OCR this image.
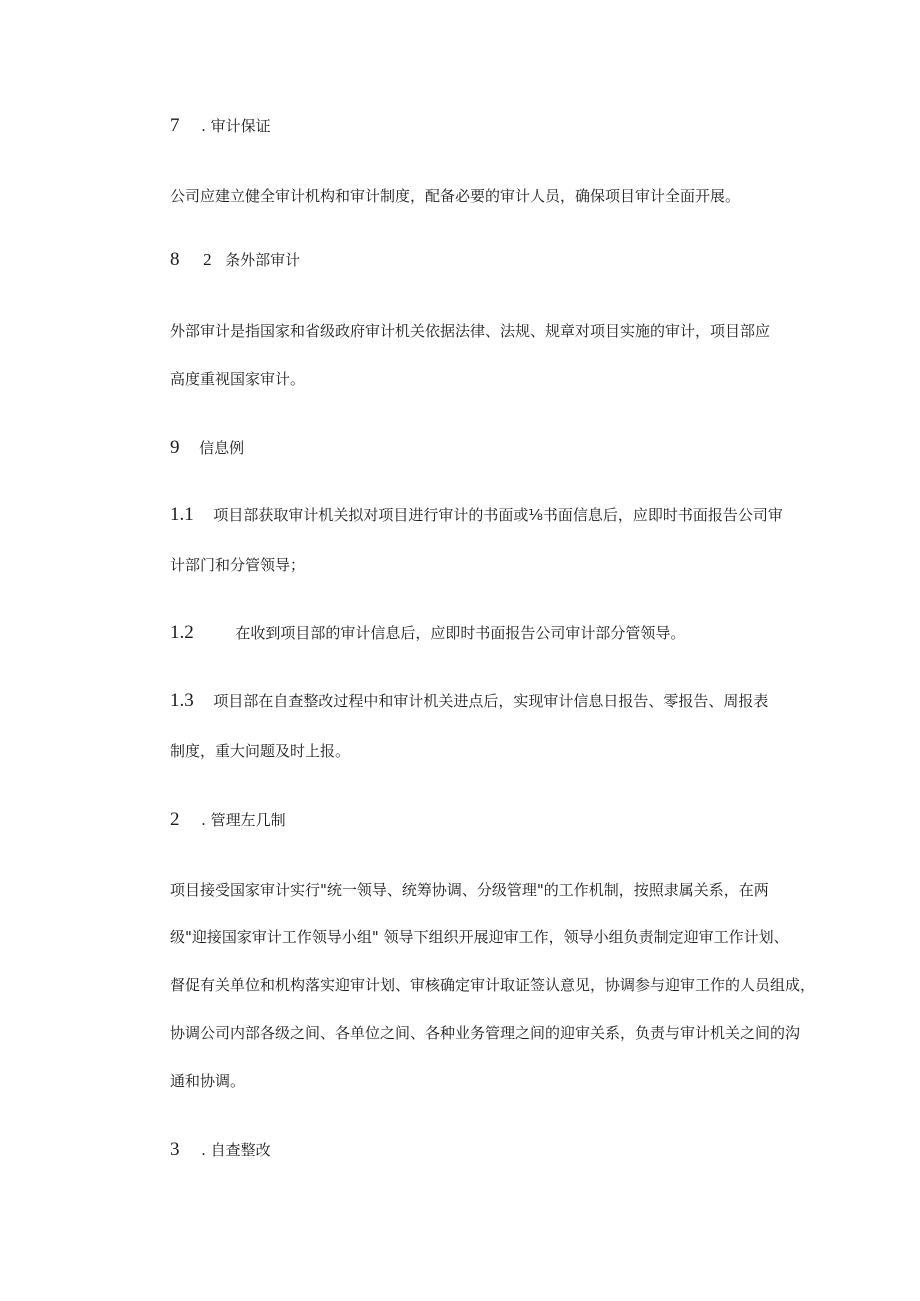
7 . 审计保证
公司应建立健全审计机构和审计制度，配备必要的审计人员，确保项目审计全面开展。
8 2 条外部审计
外部审计是指国家和省级政府审计机关依据法律、法规、规章对项目实施的审计，项目部应
高度重视国家审计。
9 信息例
1.1 项目部获取审计机关拟对项目进行审计的书面或⅛书面信息后，应即时书面报告公司审
计部门和分管领导；
1.2	在收到项目部的审计信息后，应即时书面报告公司审计部分管领导。
1.3 项目部在自查整改过程中和审计机关进点后，实现审计信息日报告、零报告、周报表
制度，重大问题及时上报。
2 . 管理左几制
项目接受国家审计实行"统一领导、统筹协调、分级管理"的工作机制，按照隶属关系，在两
级"迎接国家审计工作领导小组" 领导下组织开展迎审工作，领导小组负责制定迎审工作计划、
督促有关单位和机构落实迎审计划、审核确定审计取证签认意见，协调参与迎审工作的人员组成，
协调公司内部各级之间、各单位之间、各种业务管理之间的迎审关系，负责与审计机关之间的沟
通和协调。
3 . 自查整改
